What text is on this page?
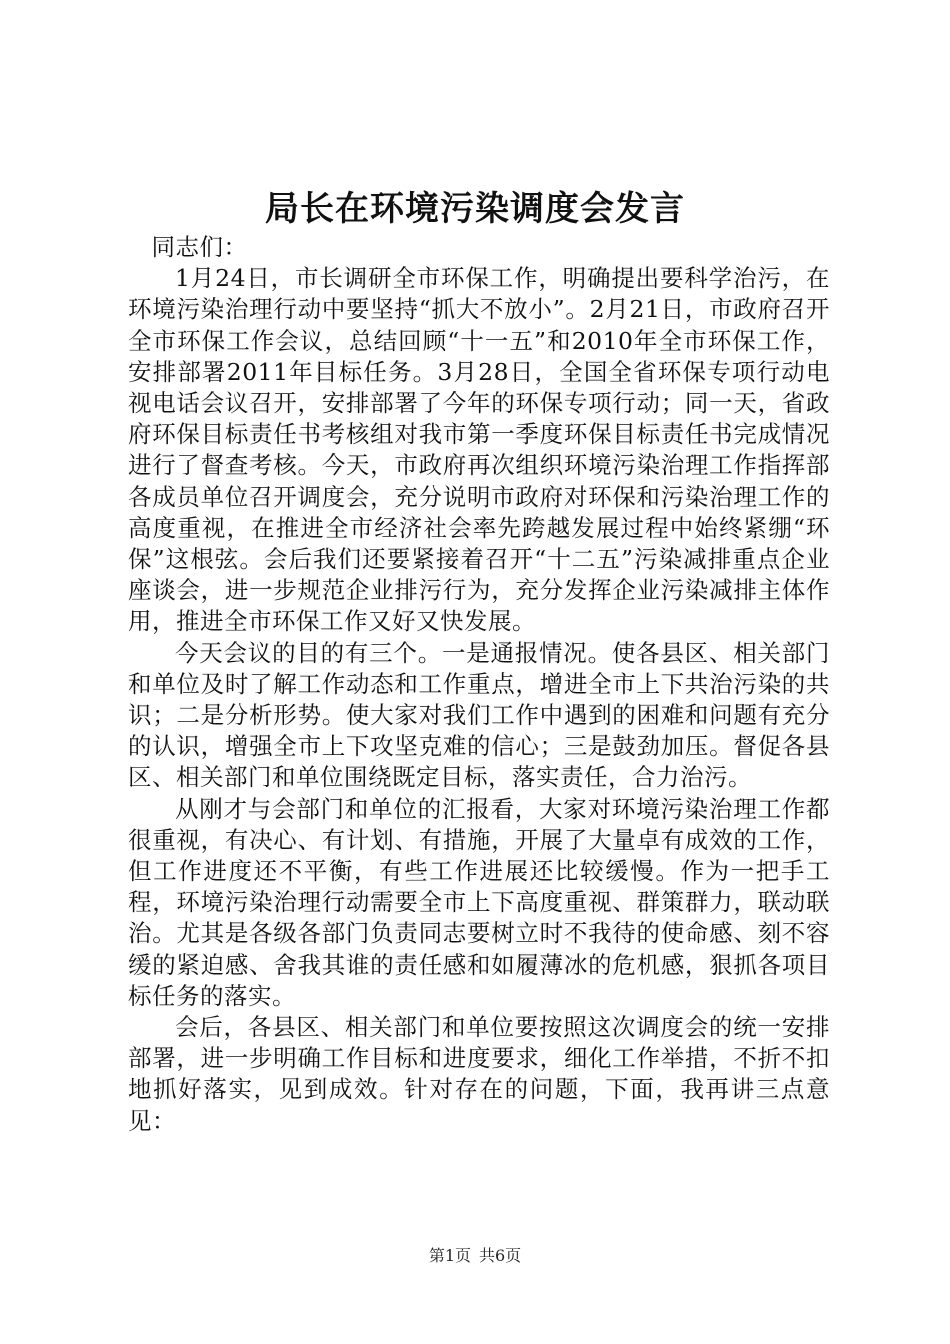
局长在环境污染调度会发言

同志们：

1月24日，市长调研全市环保工作，明确提出要科学治污，在环境污染治理行动中要坚持“抓大不放小”。2月21日，市政府召开全市环保工作会议，总结回顾“十一五”和2010年全市环保工作，安排部署2011年目标任务。3月28日，全国全省环保专项行动电视电话会议召开，安排部署了今年的环保专项行动；同一天，省政府环保目标责任书考核组对我市第一季度环保目标责任书完成情况进行了督查考核。今天，市政府再次组织环境污染治理工作指挥部各成员单位召开调度会，充分说明市政府对环保和污染治理工作的高度重视，在推进全市经济社会率先跨越发展过程中始终紧绷“环保”这根弦。会后我们还要紧接着召开“十二五”污染减排重点企业座谈会，进一步规范企业排污行为，充分发挥企业污染减排主体作用，推进全市环保工作又好又快发展。

今天会议的目的有三个。一是通报情况。使各县区、相关部门和单位及时了解工作动态和工作重点，增进全市上下共治污染的共识；二是分析形势。使大家对我们工作中遇到的困难和问题有充分的认识，增强全市上下攻坚克难的信心；三是鼓劲加压。督促各县区、相关部门和单位围绕既定目标，落实责任，合力治污。

从刚才与会部门和单位的汇报看，大家对环境污染治理工作都很重视，有决心、有计划、有措施，开展了大量卓有成效的工作，但工作进度还不平衡，有些工作进展还比较缓慢。作为一把手工程，环境污染治理行动需要全市上下高度重视、群策群力，联动联治。尤其是各级各部门负责同志要树立时不我待的使命感、刻不容缓的紧迫感、舍我其谁的责任感和如履薄冰的危机感，狠抓各项目标任务的落实。

会后，各县区、相关部门和单位要按照这次调度会的统一安排部署，进一步明确工作目标和进度要求，细化工作举措，不折不扣地抓好落实，见到成效。针对存在的问题，下面，我再讲三点意见：

第1页 共6页
